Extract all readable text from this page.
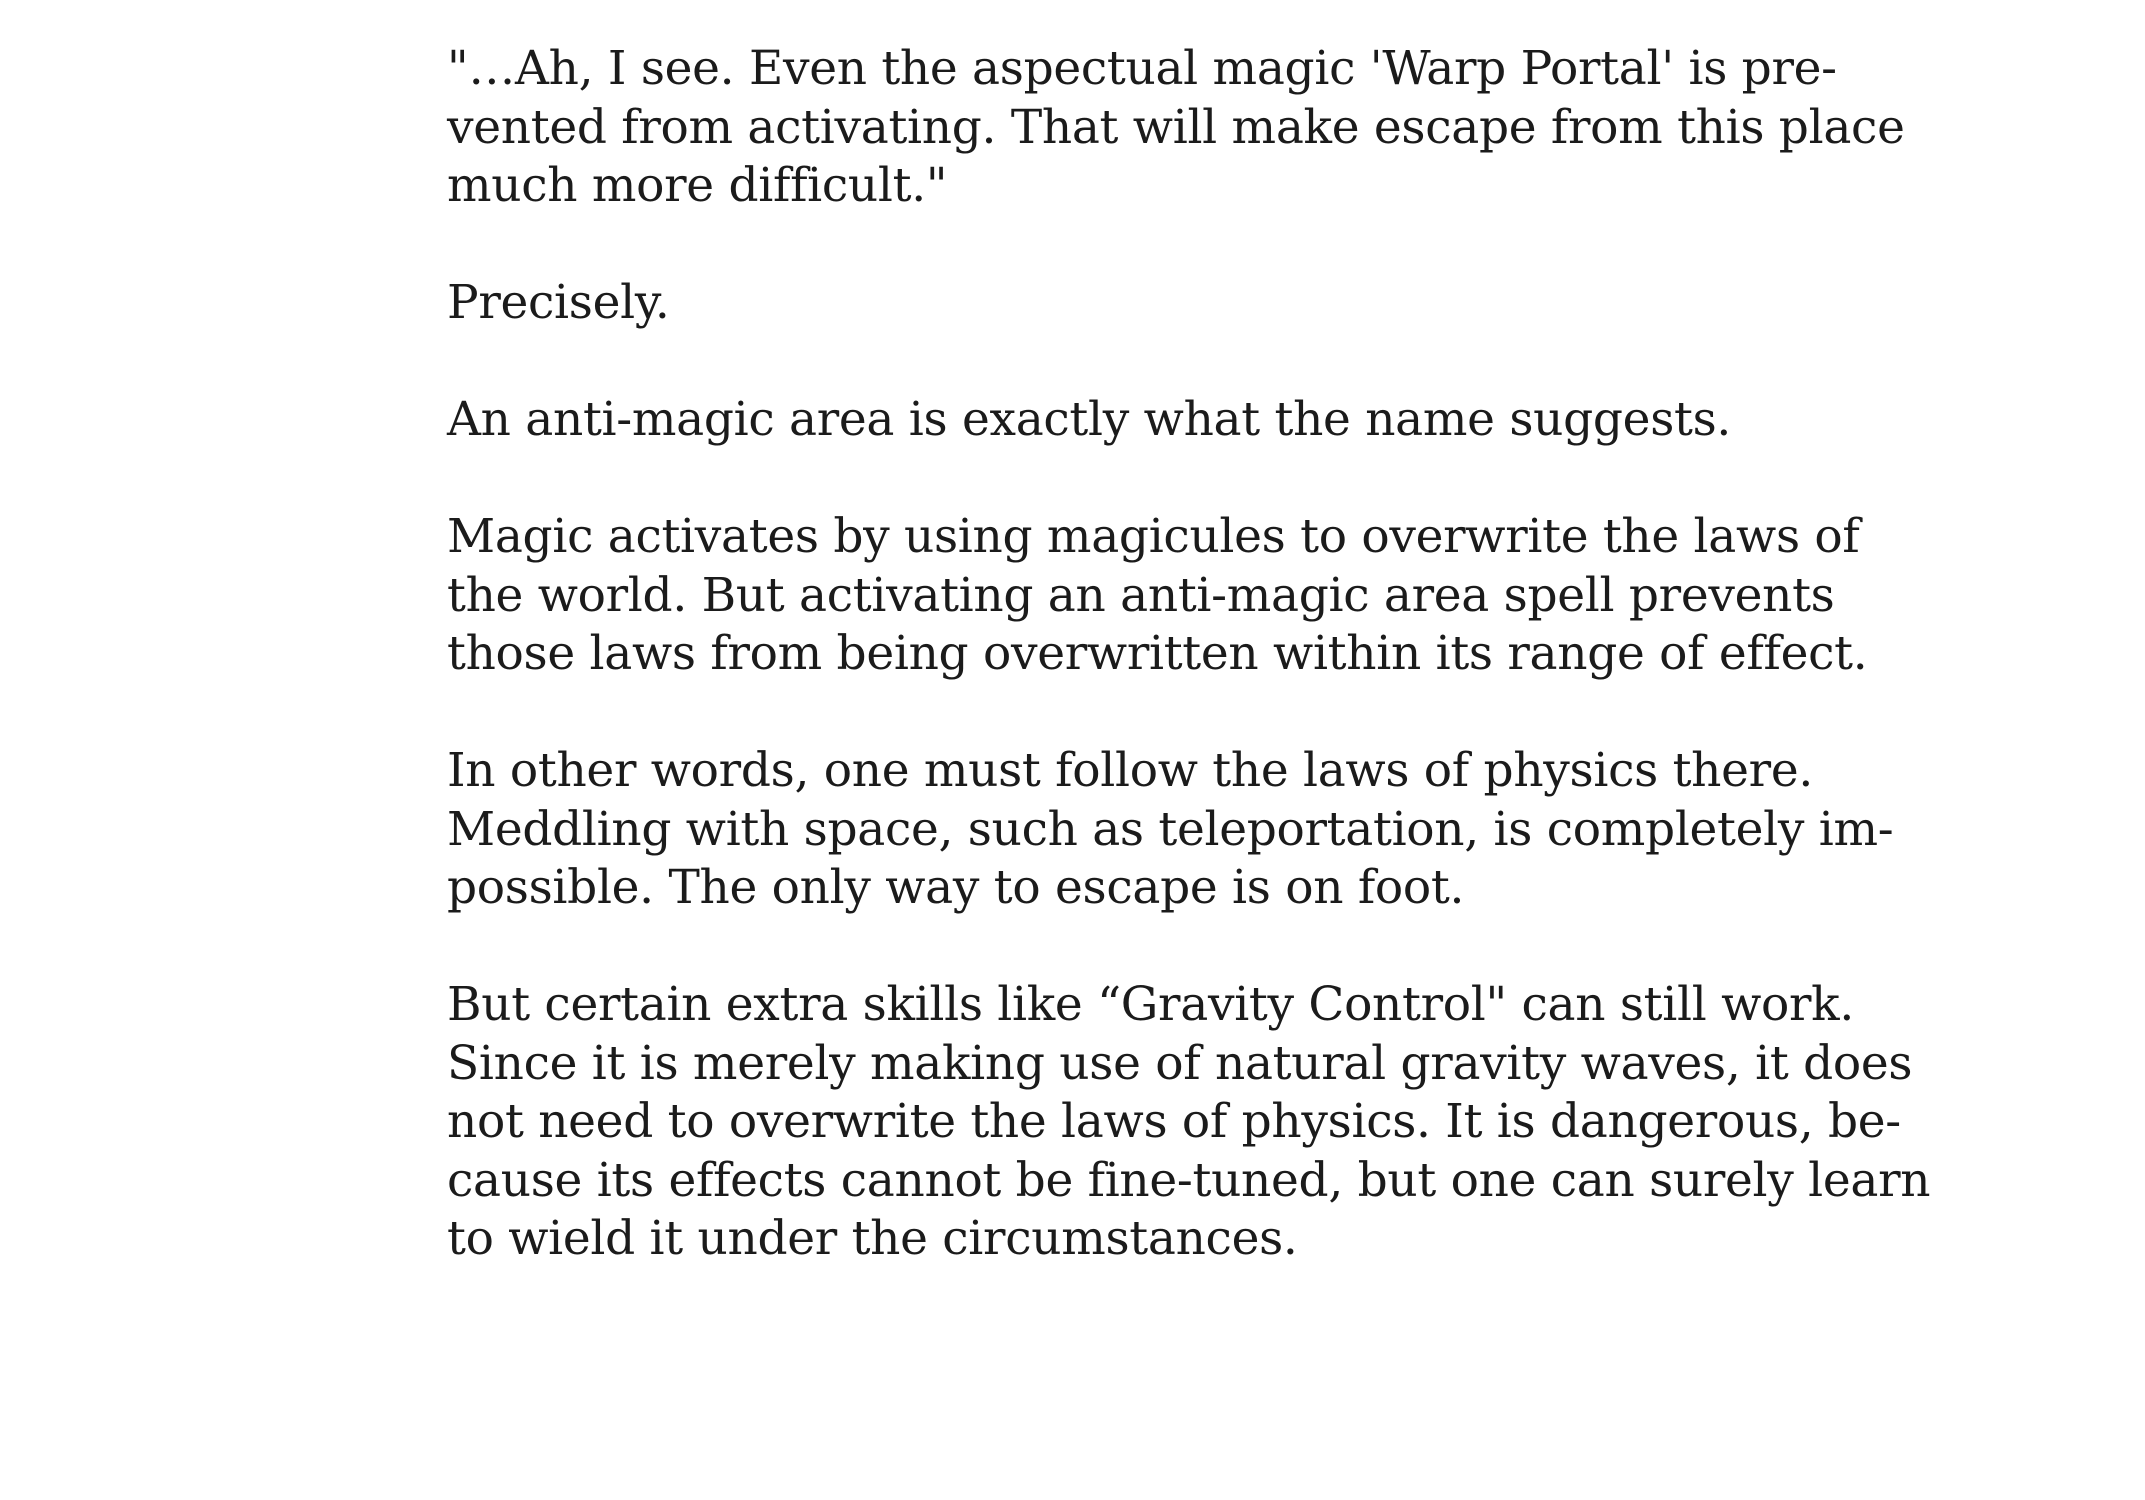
"…Ah, I see. Even the aspectual magic 'Warp Portal' is pre-
vented from activating. That will make escape from this place
much more difficult."

Precisely.

An anti-magic area is exactly what the name suggests.

Magic activates by using magicules to overwrite the laws of
the world. But activating an anti-magic area spell prevents
those laws from being overwritten within its range of effect.

In other words, one must follow the laws of physics there.
Meddling with space, such as teleportation, is completely im-
possible. The only way to escape is on foot.

But certain extra skills like “Gravity Control" can still work.
Since it is merely making use of natural gravity waves, it does
not need to overwrite the laws of physics. It is dangerous, be-
cause its effects cannot be fine-tuned, but one can surely learn
to wield it under the circumstances.
